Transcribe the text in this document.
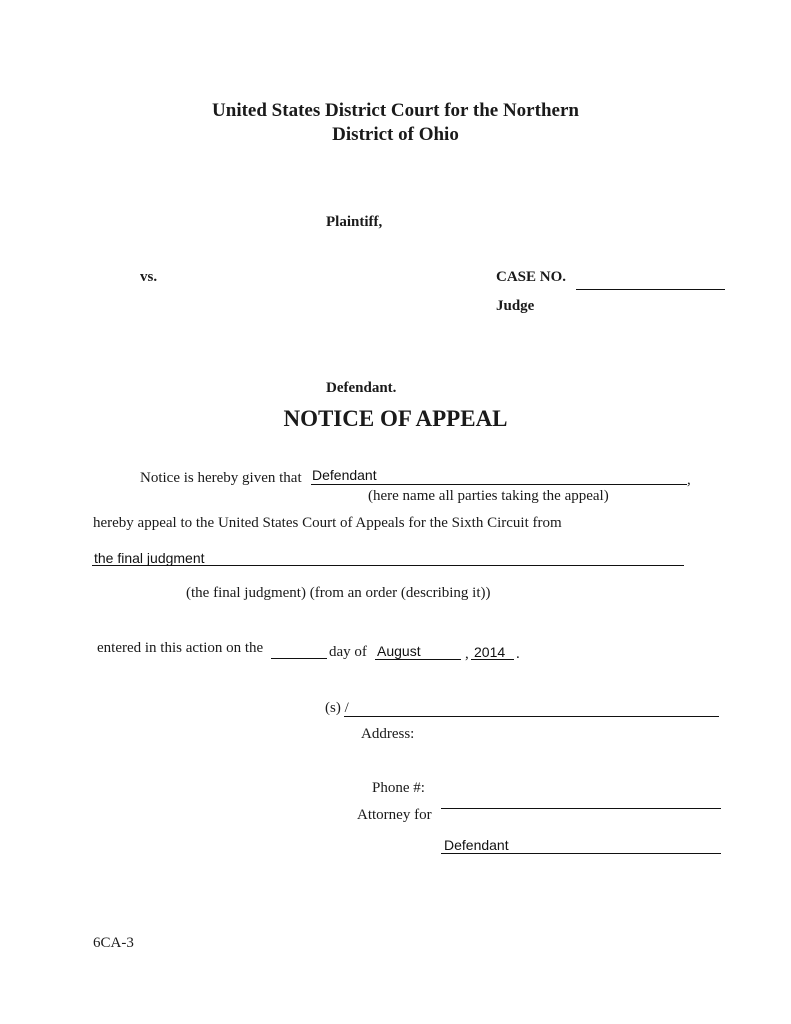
United States District Court for the Northern
District of Ohio
Plaintiff,
vs.	CASE NO.
Judge
Defendant.
NOTICE OF APPEAL
Notice is hereby given that
Defendant	,
(here name all parties taking the appeal)
hereby appeal to the United States Court of Appeals for the Sixth Circuit from
the final judgment
(the final judgment) (from an order (describing it))
entered in this action on the	day of
August	,
2014	.
(s) /
Address:
Phone #:
Attorney for
Defendant
6CA-3
